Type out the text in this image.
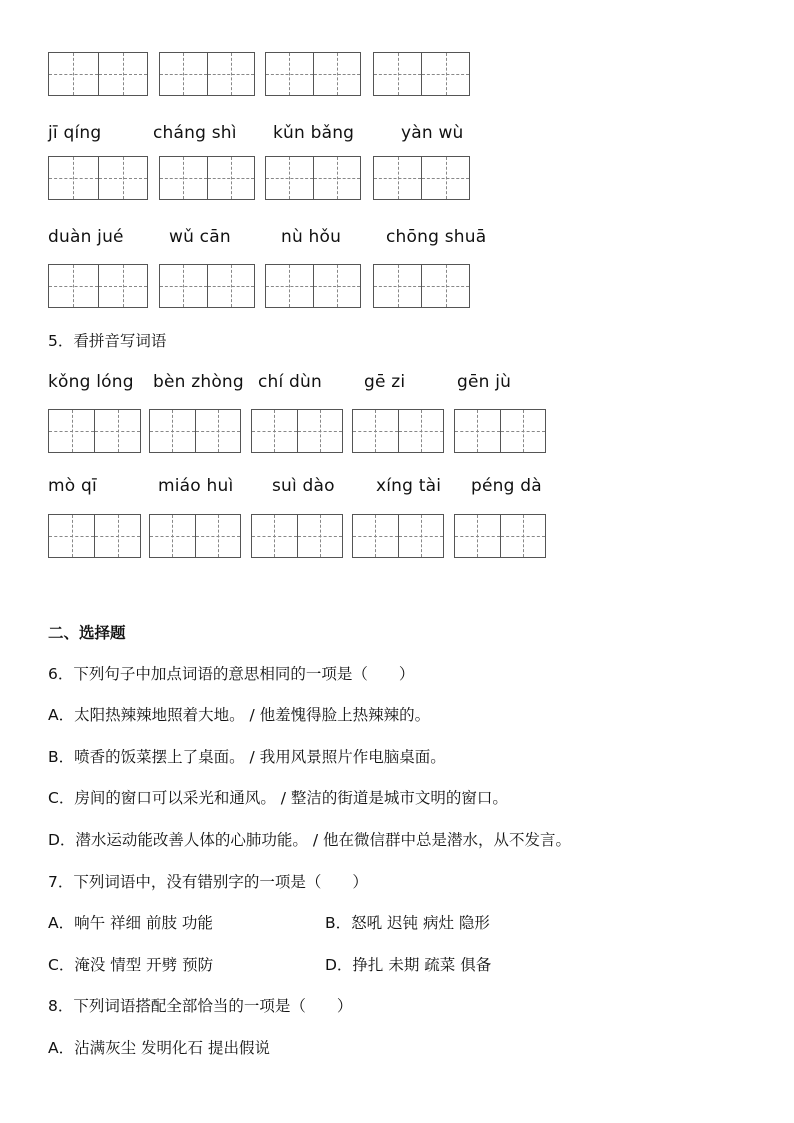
jī qíng	cháng shì kǔn bǎng	yàn wù
duàn jué	wǔ cān	nù hǒu	chōng shuā
5．看拼音写词语
kǒng lóng bèn zhòng chí dùn gē zi	gēn jù
mò qī	miáo huì suì dào xíng tài péng dà
二、选择题
6．下列句子中加点词语的意思相同的一项是（　　）
A．太阳热辣辣地照着大地。 / 他羞愧得脸上热辣辣的。
B．喷香的饭菜摆上了桌面。 / 我用风景照片作电脑桌面。
C．房间的窗口可以采光和通风。 / 整洁的街道是城市文明的窗口。
D．潜水运动能改善人体的心肺功能。 / 他在微信群中总是潜水，从不发言。
7．下列词语中，没有错别字的一项是（　　）
A．响午 祥细 前肢 功能	B．怒吼 迟钝 病灶 隐形
C．淹没 情型 开劈 预防	D．挣扎 未期 疏菜 俱备
8．下列词语搭配全部恰当的一项是（　　）
A．沾满灰尘 发明化石 提出假说
